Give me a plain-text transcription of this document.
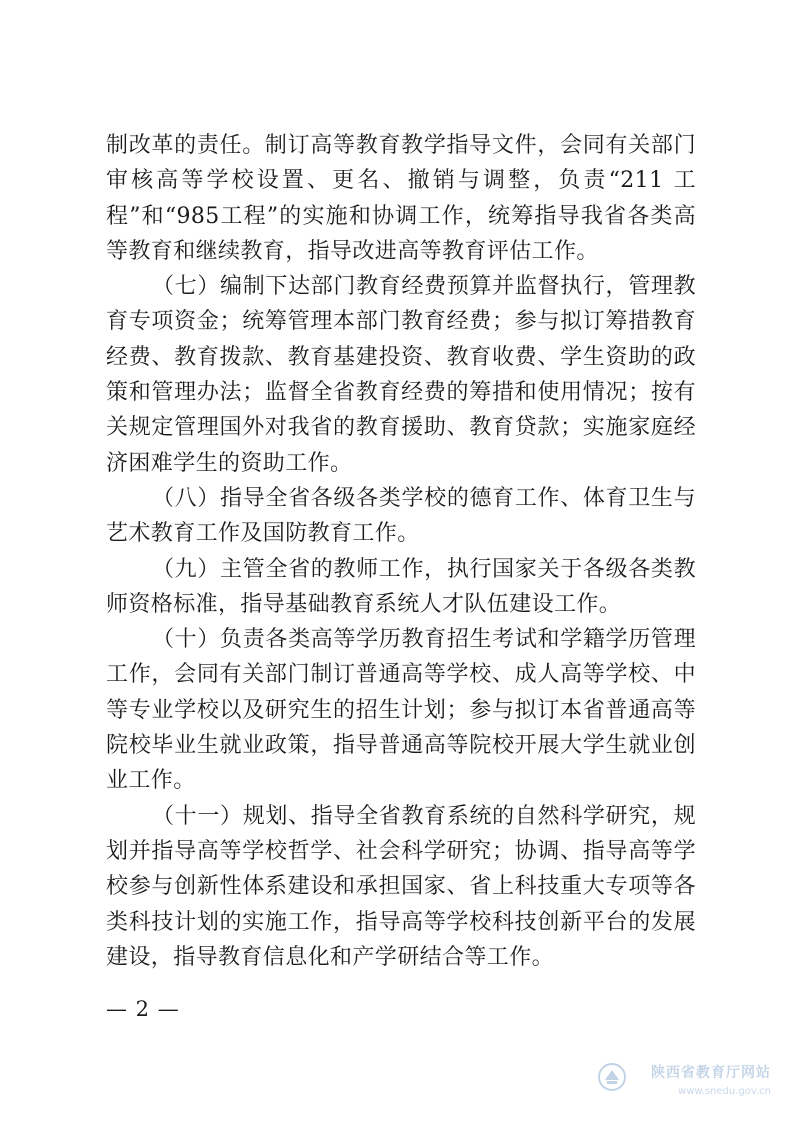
制改革的责任。制订高等教育教学指导文件，会同有关部门审核高等学校设置、更名、撤销与调整，负责“211 工程”和“985工程”的实施和协调工作，统筹指导我省各类高等教育和继续教育，指导改进高等教育评估工作。

（七）编制下达部门教育经费预算并监督执行，管理教育专项资金；统筹管理本部门教育经费；参与拟订筹措教育经费、教育拨款、教育基建投资、教育收费、学生资助的政策和管理办法；监督全省教育经费的筹措和使用情况；按有关规定管理国外对我省的教育援助、教育贷款；实施家庭经济困难学生的资助工作。

（八）指导全省各级各类学校的德育工作、体育卫生与艺术教育工作及国防教育工作。

（九）主管全省的教师工作，执行国家关于各级各类教师资格标准，指导基础教育系统人才队伍建设工作。

（十）负责各类高等学历教育招生考试和学籍学历管理工作，会同有关部门制订普通高等学校、成人高等学校、中等专业学校以及研究生的招生计划；参与拟订本省普通高等院校毕业生就业政策，指导普通高等院校开展大学生就业创业工作。

（十一）规划、指导全省教育系统的自然科学研究，规划并指导高等学校哲学、社会科学研究；协调、指导高等学校参与创新性体系建设和承担国家、省上科技重大专项等各类科技计划的实施工作，指导高等学校科技创新平台的发展建设，指导教育信息化和产学研结合等工作。

— 2 —
陕西省教育厅网站
www.snedu.gov.cn
